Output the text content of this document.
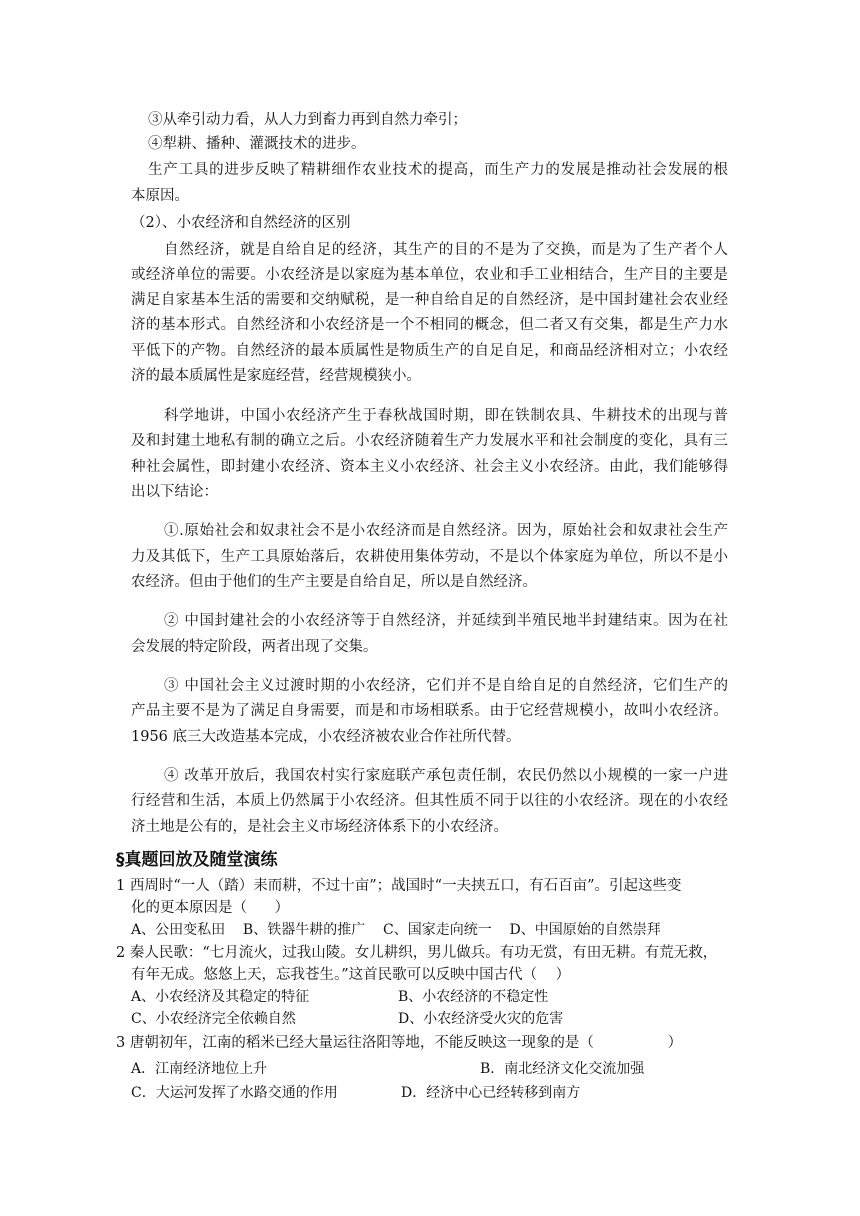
③从牵引动力看，从人力到畜力再到自然力牵引；
④犁耕、播种、灌溉技术的进步。
生产工具的进步反映了精耕细作农业技术的提高，而生产力的发展是推动社会发展的根
本原因。
（2）、小农经济和自然经济的区别
自然经济，就是自给自足的经济，其生产的目的不是为了交换，而是为了生产者个人
或经济单位的需要。小农经济是以家庭为基本单位，农业和手工业相结合，生产目的主要是
满足自家基本生活的需要和交纳赋税，是一种自给自足的自然经济，是中国封建社会农业经
济的基本形式。自然经济和小农经济是一个不相同的概念，但二者又有交集，都是生产力水
平低下的产物。自然经济的最本质属性是物质生产的自足自足，和商品经济相对立；小农经
济的最本质属性是家庭经营，经营规模狭小。
科学地讲，中国小农经济产生于春秋战国时期，即在铁制农具、牛耕技术的出现与普
及和封建土地私有制的确立之后。小农经济随着生产力发展水平和社会制度的变化，具有三
种社会属性，即封建小农经济、资本主义小农经济、社会主义小农经济。由此，我们能够得
出以下结论：
①.原始社会和奴隶社会不是小农经济而是自然经济。因为，原始社会和奴隶社会生产
力及其低下，生产工具原始落后，农耕使用集体劳动，不是以个体家庭为单位，所以不是小
农经济。但由于他们的生产主要是自给自足，所以是自然经济。
② 中国封建社会的小农经济等于自然经济，并延续到半殖民地半封建结束。因为在社
会发展的特定阶段，两者出现了交集。
③ 中国社会主义过渡时期的小农经济，它们并不是自给自足的自然经济，它们生产的
产品主要不是为了满足自身需要，而是和市场相联系。由于它经营规模小，故叫小农经济。
1956 底三大改造基本完成，小农经济被农业合作社所代替。
④ 改革开放后，我国农村实行家庭联产承包责任制，农民仍然以小规模的一家一户进
行经营和生活，本质上仍然属于小农经济。但其性质不同于以往的小农经济。现在的小农经
济土地是公有的，是社会主义市场经济体系下的小农经济。
§真题回放及随堂演练
1 西周时“一人（踏）耒而耕，不过十亩”；战国时“一夫挟五口，有石百亩”。引起这些变
化的更本原因是（      ）
A、公田变私田    B、铁器牛耕的推广    C、国家走向统一    D、中国原始的自然崇拜
2 秦人民歌：“七月流火，过我山陵。女儿耕织，男儿做兵。有功无赏，有田无耕。有荒无救，
有年无成。悠悠上天，忘我苍生。”这首民歌可以反映中国古代（    ）
A、小农经济及其稳定的特征	B、小农经济的不稳定性
C、小农经济完全依赖自然	D、小农经济受火灾的危害
3 唐朝初年，江南的稻米已经大量运往洛阳等地，不能反映这一现象的是（                ）
A．江南经济地位上升	B．南北经济文化交流加强
C．大运河发挥了水路交通的作用	D．经济中心已经转移到南方
